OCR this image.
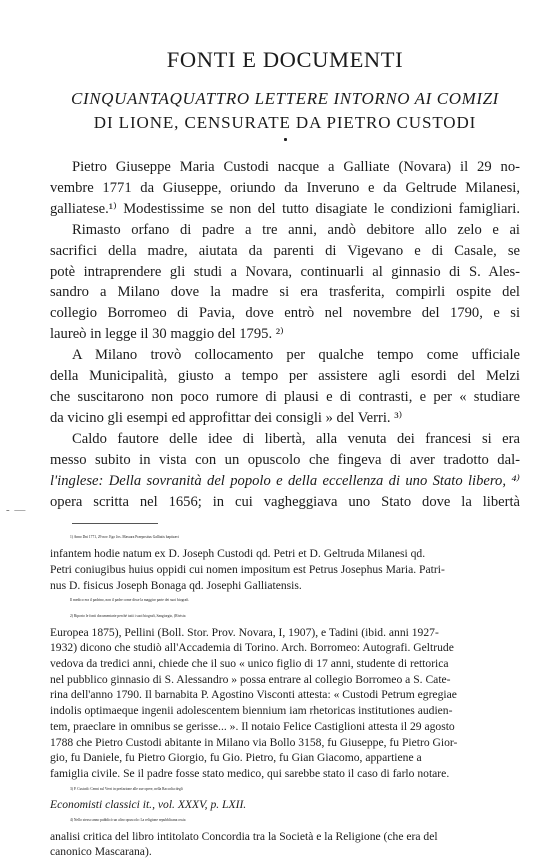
FONTI E DOCUMENTI
CINQUANTAQUATTRO LETTERE INTORNO AI COMIZI
DI LIONE, CENSURATE DA PIETRO CUSTODI

Pietro Giuseppe Maria Custodi nacque a Galliate (Novara) il 29 no-
vembre 1771 da Giuseppe, oriundo da Inveruno e da Geltrude Milanesi,
galliatese.¹⁾ Modestissime se non del tutto disagiate le condizioni famigliari.

Rimasto orfano di padre a tre anni, andò debitore allo zelo e ai
sacrifici della madre, aiutata da parenti di Vigevano e di Casale, se
potè intraprendere gli studi a Novara, continuarli al ginnasio di S. Ales-
sandro a Milano dove la madre si era trasferita, compirli ospite del
collegio Borromeo di Pavia, dove entrò nel novembre del 1790, e si
laureò in legge il 30 maggio del 1795. ²⁾

A Milano trovò collocamento per qualche tempo come ufficiale
della Municipalità, giusto a tempo per assistere agli esordi del Melzi
che suscitarono non poco rumore di plausi e di contrasti, e per « studiare
da vicino gli esempi ed approfittar dei consigli » del Verri. ³⁾

Caldo fautore delle idee di libertà, alla venuta dei francesi si era
messo subito in vista con un opuscolo che fingeva di aver tradotto dal-
l'inglese: Della sovranità del popolo e della eccellenza di uno Stato libero, ⁴⁾
opera scritta nel 1656; in cui vagheggiava uno Stato dove la libertà

1) Anno Dni 1771, 29 nov. Ego Jos. Massara Praepositus Galliatis baptizavi
infantem hodie natum ex D. Joseph Custodi qd. Petri et D. Geltruda Milanesi qd.
Petri coniugibus huius oppidi cui nomen impositum est Petrus Josephus Maria. Patri-
nus D. fisicus Joseph Bonaga qd. Josephi Galliatensis.
Il medico era il padrino, non il padre come disse la maggior parte dei suoi biografi.
2) Riporto le fonti documentarie perchè tutti i suoi biografi, Sangiorgio, (Rivista
Europea 1875), Pellini (Boll. Stor. Prov. Novara, I, 1907), e Tadini (ibid. anni 1927-
1932) dicono che studiò all'Accademia di Torino. Arch. Borromeo: Autografi. Geltrude
vedova da tredici anni, chiede che il suo « unico figlio di 17 anni, studente di rettorica
nel pubblico ginnasio di S. Alessandro » possa entrare al collegio Borromeo a S. Cate-
rina dell'anno 1790. Il barnabita P. Agostino Visconti attesta: « Custodi Petrum egregiae
indolis optimaeque ingenii adolescentem biennium iam rhetoricas institutiones audien-
tem, praeclare in omnibus se gerisse... ». Il notaio Felice Castiglioni attesta il 29 agosto
1788 che Pietro Custodi abitante in Milano via Bollo 3158, fu Giuseppe, fu Pietro Gior-
gio, fu Daniele, fu Pietro Giorgio, fu Gio. Pietro, fu Gian Giacomo, appartiene a
famiglia civile. Se il padre fosse stato medico, qui sarebbe stato il caso di farlo notare.
3) P. Custodi: Cenni sul Verri in prefazione alle sue opere, nella Raccolta degli
Economisti classici it., vol. XXXV, p. LXII.
4) Nello stesso anno pubblicò un altro opuscolo: La religione repubblicana ossia
analisi critica del libro intitolato Concordia tra la Società e la Religione (che era del
canonico Mascarana).
- —
